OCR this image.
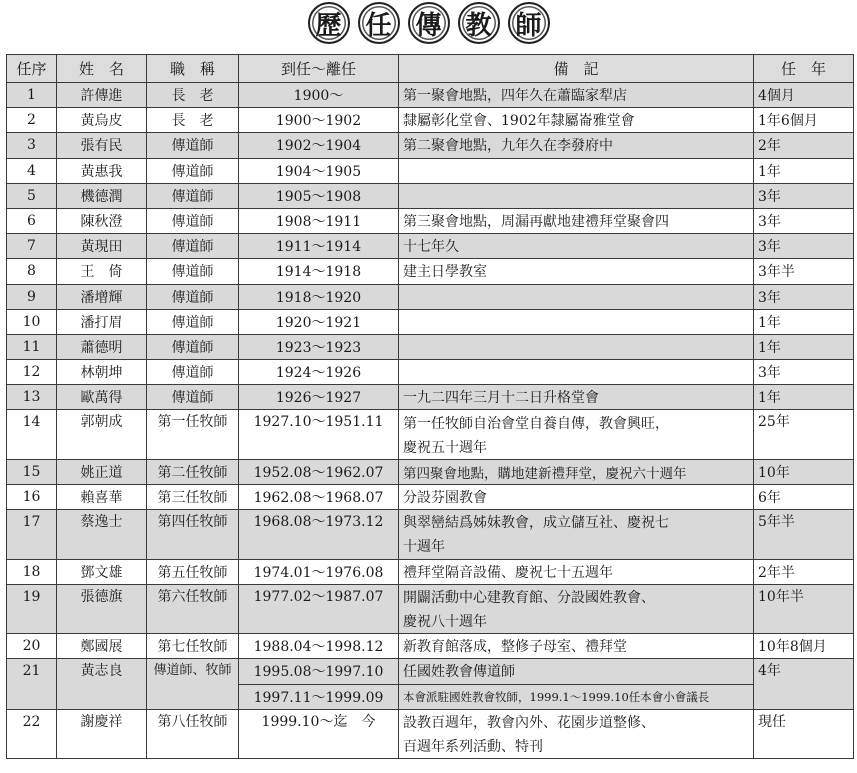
歷 任 傳 教 師
任序	姓　名	職　稱	到任～離任	備　記	任　年
1	許傳進	長　老	1900～	第一聚會地點，四年久在蕭臨家犁店	4個月
2	黃烏皮	長　老	1900～1902	隸屬彰化堂會、1902年隸屬崙雅堂會	1年6個月
3	張有民	傳道師	1902～1904	第二聚會地點，九年久在李發府中	2年
4	黃惠我	傳道師	1904～1905		1年
5	機德潤	傳道師	1905～1908		3年
6	陳秋澄	傳道師	1908～1911	第三聚會地點，周漏再獻地建禮拜堂聚會四	3年
7	黃現田	傳道師	1911～1914	十七年久	3年
8	王　倚	傳道師	1914～1918	建主日學教室	3年半
9	潘增輝	傳道師	1918～1920		3年
10	潘打眉	傳道師	1920～1921		1年
11	蕭德明	傳道師	1923～1923		1年
12	林朝坤	傳道師	1924～1926		3年
13	歐萬得	傳道師	1926～1927	一九二四年三月十二日升格堂會	1年
14	郭朝成	第一任牧師	1927.10～1951.11	第一任牧師自治會堂自養自傳，教會興旺，	25年
				慶祝五十週年	
15	姚正道	第二任牧師	1952.08～1962.07	第四聚會地點，購地建新禮拜堂，慶祝六十週年	10年
16	賴喜華	第三任牧師	1962.08～1968.07	分設芬園教會	6年
17	蔡逸士	第四任牧師	1968.08～1973.12	與翠巒結爲姊妹教會，成立儲互社、慶祝七	5年半
				十週年	
18	鄧文雄	第五任牧師	1974.01～1976.08	禮拜堂隔音設備、慶祝七十五週年	2年半
19	張德旗	第六任牧師	1977.02～1987.07	開闢活動中心建教育館、分設國姓教會、	10年半
				慶祝八十週年	
20	鄭國展	第七任牧師	1988.04～1998.12	新教育館落成，整修子母室、禮拜堂	10年8個月
21	黃志良	傳道師、牧師	1995.08～1997.10	任國姓教會傳道師	4年
			1997.11～1999.09	本會派駐國姓教會牧師，1999.1～1999.10任本會小會議長	
22	謝慶祥	第八任牧師	1999.10～迄　今	設教百週年，教會內外、花園步道整修、	現任
				百週年系列活動、特刊	
